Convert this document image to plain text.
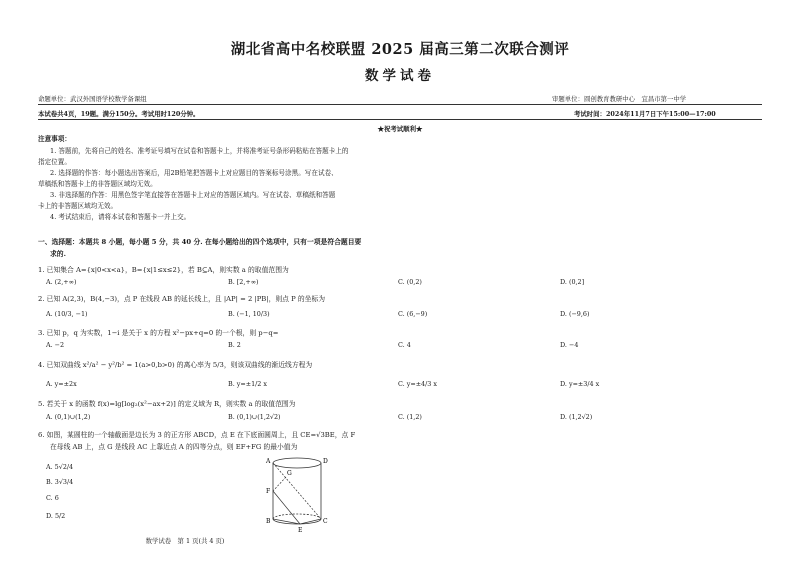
湖北省高中名校联盟 2025 届高三第二次联合测评
数学试卷
命题单位：武汉外国语学校数学备课组	审题单位：圆创教育教研中心　宜昌市第一中学
本试卷共4页，19题。满分150分。考试用时120分钟。	考试时间：2024年11月7日下午15:00—17:00
★祝考试顺利★
注意事项：
1. 答题前，先将自己的姓名、准考证号填写在试卷和答题卡上，并将准考证号条形码粘贴在答题卡上的
指定位置。
2. 选择题的作答：每小题选出答案后，用2B铅笔把答题卡上对应题目的答案标号涂黑。写在试卷、
草稿纸和答题卡上的非答题区域均无效。
3. 非选择题的作答：用黑色签字笔直接答在答题卡上对应的答题区域内。写在试卷、草稿纸和答题
卡上的非答题区域均无效。
4. 考试结束后，请将本试卷和答题卡一并上交。
一、选择题：本题共 8 小题，每小题 5 分，共 40 分. 在每小题给出的四个选项中，只有一项是符合题目要
求的.
1. 已知集合 A={x|0<x<a}，B={x|1≤x≤2}，若 B⊆A，则实数 a 的取值范围为
A. (2,+∞)	B. [2,+∞)	C. (0,2)	D. (0,2]
2. 已知 A(2,3)，B(4,−3)，点 P 在线段 AB 的延长线上，且 |AP| = 2 |PB|，则点 P 的坐标为
A. (10/3, −1)	B. (−1, 10/3)	C. (6,−9)	D. (−9,6)
3. 已知 p，q 为实数，1−i 是关于 x 的方程 x²−px+q=0 的一个根，则 p−q=
A. −2	B. 2	C. 4	D. −4
4. 已知双曲线 x²/a² − y²/b² = 1(a>0,b>0) 的离心率为 5/3，则该双曲线的渐近线方程为
A. y=±2x	B. y=±1/2 x	C. y=±4/3 x	D. y=±3/4 x
5. 若关于 x 的函数 f(x)=lg[log₂(x²−ax+2)] 的定义域为 R，则实数 a 的取值范围为
A. (0,1)∪(1,2)	B. (0,1)∪(1,2√2)	C. (1,2)	D. (1,2√2)
6. 如图，某圆柱的一个轴截面是边长为 3 的正方形 ABCD，点 E 在下底面圆周上，且 CE=√3BE，点 F
在母线 AB 上，点 G 是线段 AC 上靠近点 A 的四等分点，则 EF+FG 的最小值为
A. 5√2/4
B. 3√3/4
C. 6
D. 5/2
A
B	C
D
E
F
G
数学试卷　第 1 页(共 4 页)
